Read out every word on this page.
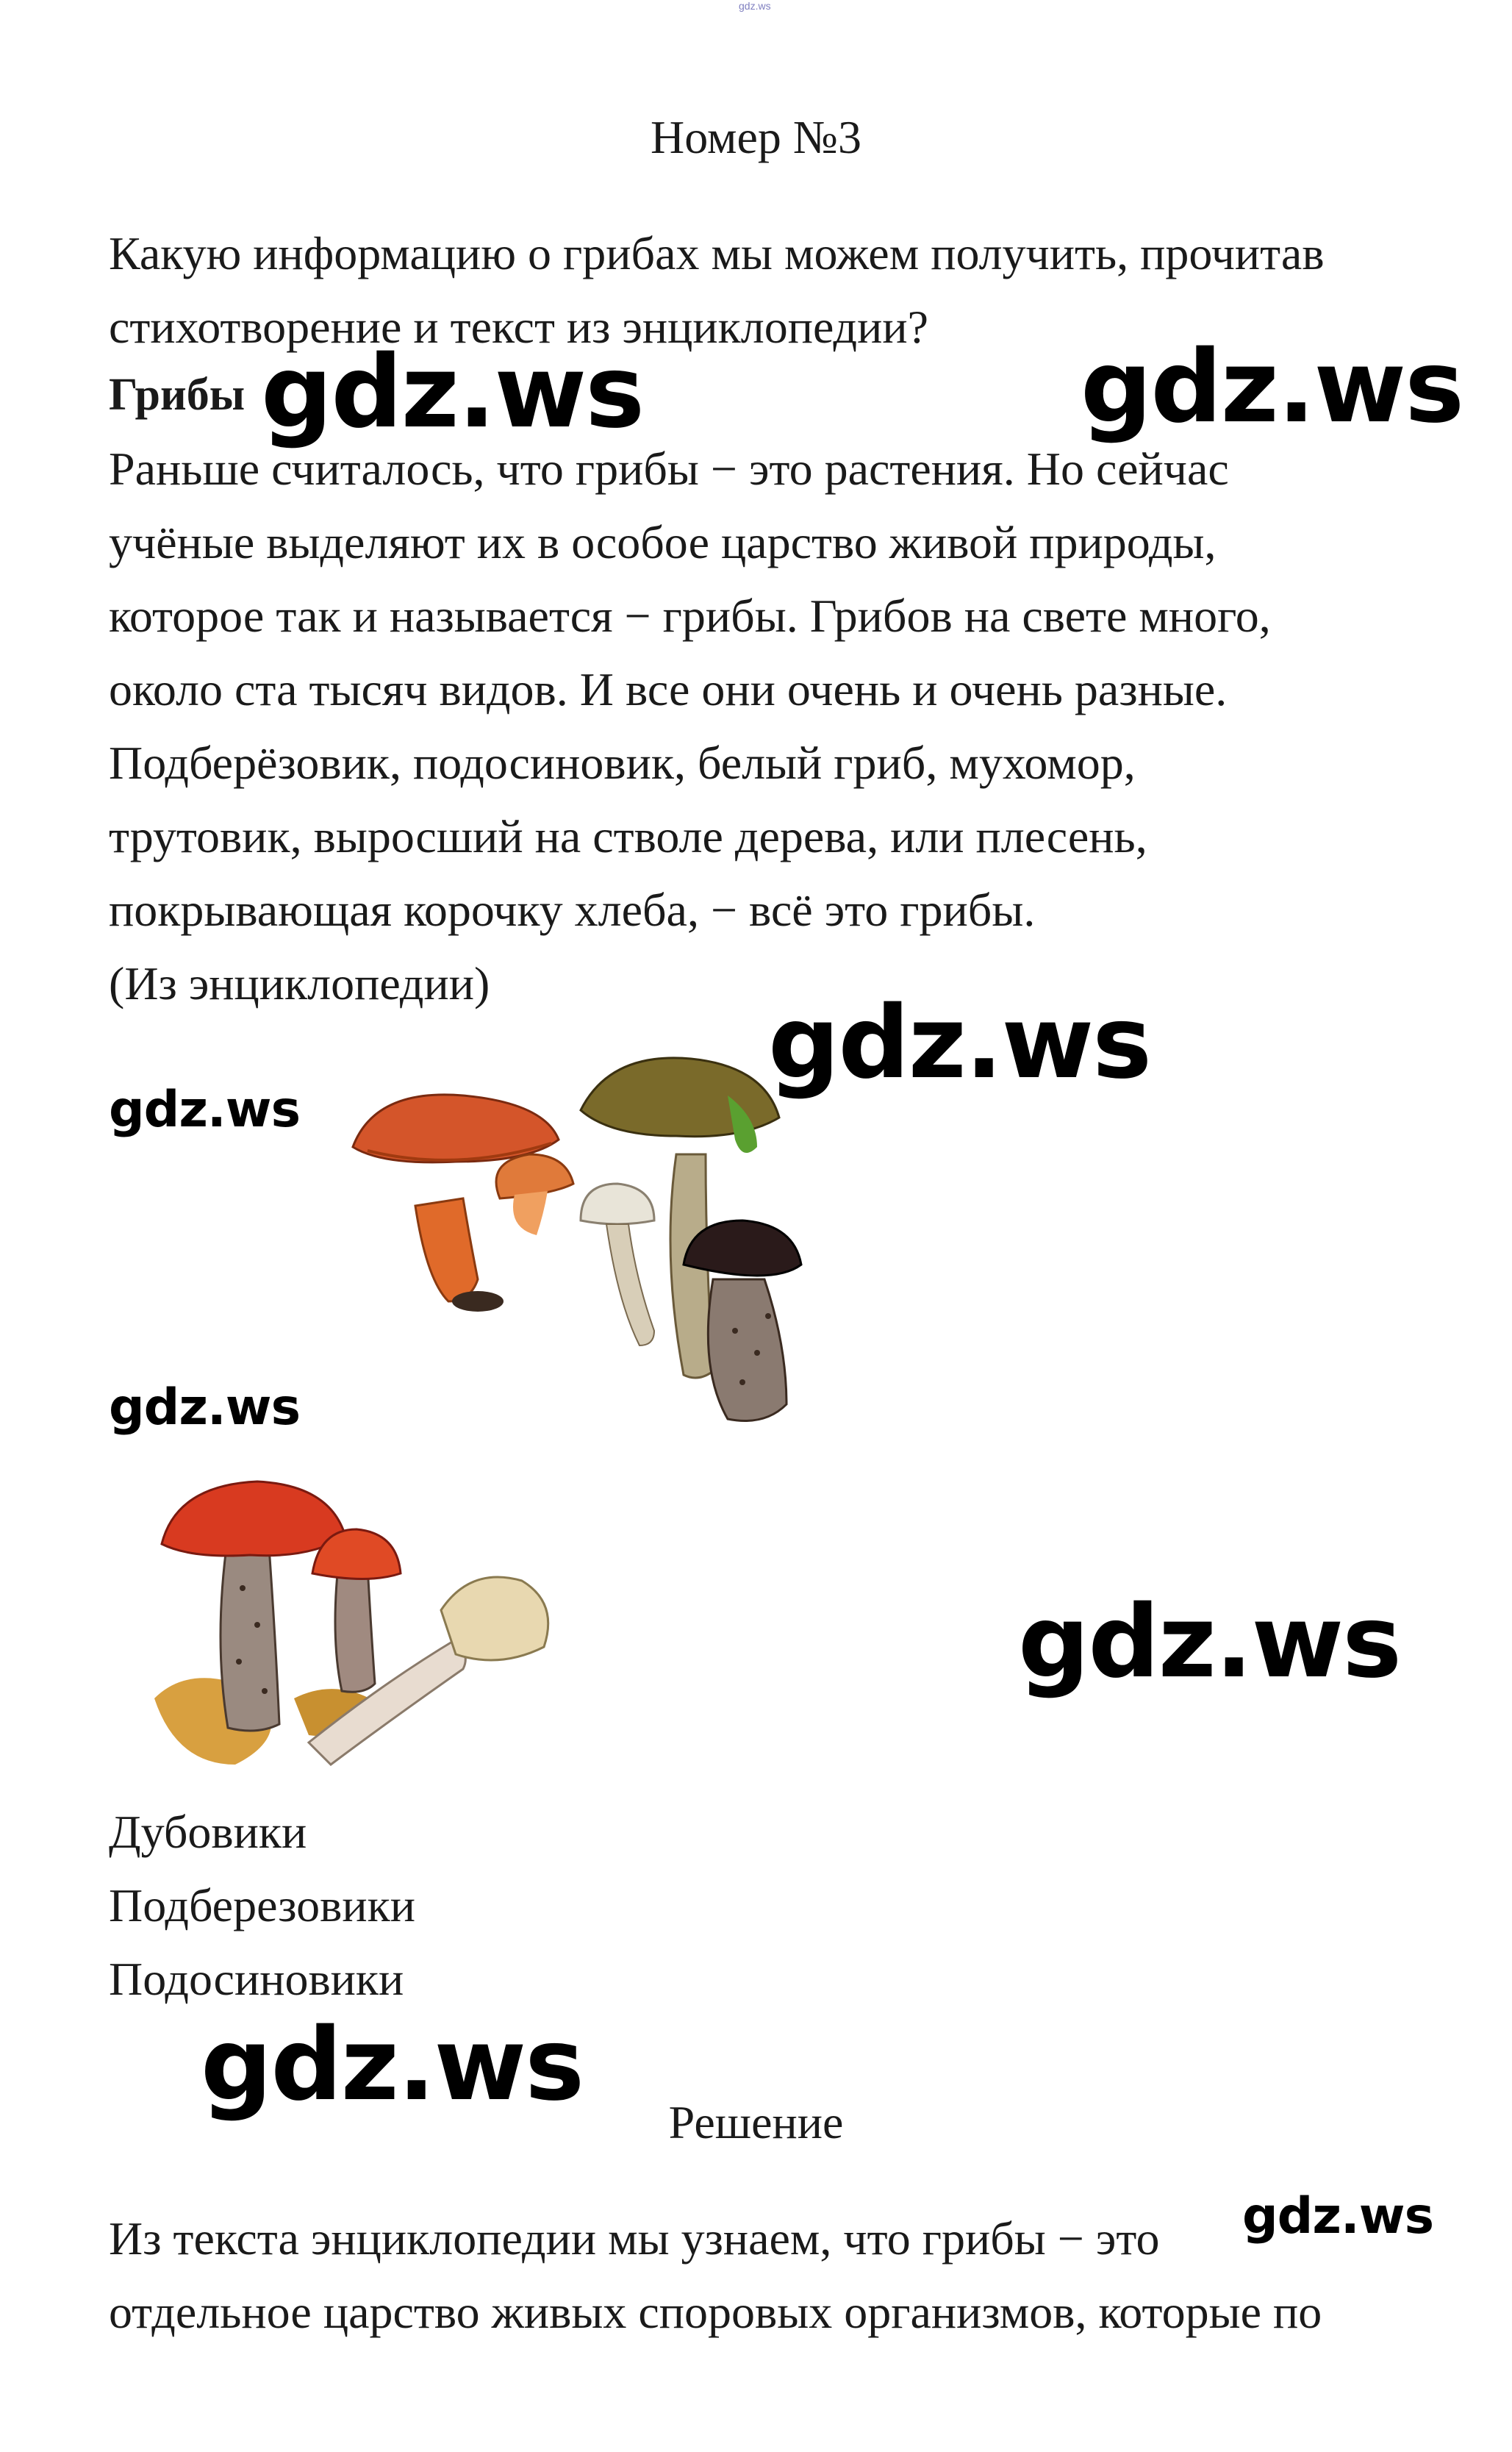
gdz.ws
Номер №3
Какую информацию о грибах мы можем получить, прочитав
стихотворение и текст из энциклопедии?
Грибы
Раньше считалось, что грибы − это растения. Но сейчас
учёные выделяют их в особое царство живой природы,
которое так и называется − грибы. Грибов на свете много,
около ста тысяч видов. И все они очень и очень разные.
Подберёзовик, подосиновик, белый гриб, мухомор,
трутовик, выросший на стволе дерева, или плесень,
покрывающая корочку хлеба, − всё это грибы.
(Из энциклопедии)
Дубовики
Подберезовики
Подосиновики
Решение
Из текста энциклопедии мы узнаем, что грибы − это
отдельное царство живых споровых организмов, которые по
gdz.ws	gdz.ws
gdz.ws
gdz.ws
gdz.ws
gdz.ws
gdz.ws
gdz.ws
